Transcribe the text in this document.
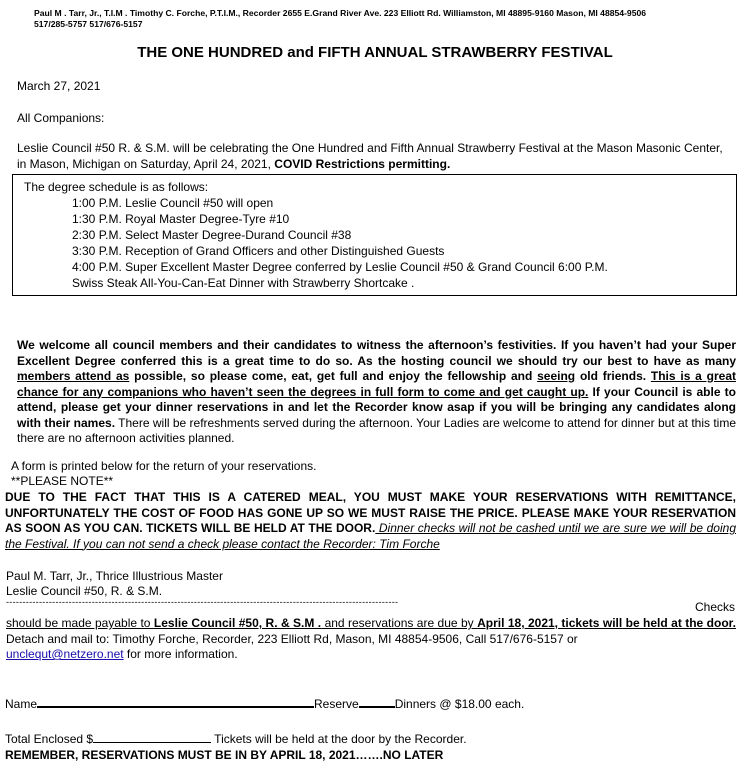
Paul M . Tarr, Jr., T.I.M . Timothy C. Forche, P.T.I.M., Recorder 2655 E.Grand River Ave. 223 Elliott Rd. Williamston, MI 48895-9160 Mason, MI 48854-9506
517/285-5757 517/676-5157
THE ONE HUNDRED and FIFTH ANNUAL STRAWBERRY FESTIVAL
March 27, 2021
All Companions:
Leslie Council #50 R. & S.M. will be celebrating the One Hundred and Fifth Annual Strawberry Festival at the Mason Masonic Center,
in Mason, Michigan on Saturday, April 24, 2021, COVID Restrictions permitting.
The degree schedule is as follows:
1:00 P.M. Leslie Council #50 will open
1:30 P.M. Royal Master Degree-Tyre #10
2:30 P.M. Select Master Degree-Durand Council #38
3:30 P.M. Reception of Grand Officers and other Distinguished Guests
4:00 P.M. Super Excellent Master Degree conferred by Leslie Council #50 & Grand Council 6:00 P.M.
Swiss Steak All-You-Can-Eat Dinner with Strawberry Shortcake .
We welcome all council members and their candidates to witness the afternoon’s festivities. If you haven’t had your Super
Excellent Degree conferred this is a great time to do so. As the hosting council we should try our best to have as many
members attend as possible, so please come, eat, get full and enjoy the fellowship and seeing old friends. This is a great
chance for any companions who haven’t seen the degrees in full form to come and get caught up. If your Council is able to
attend, please get your dinner reservations in and let the Recorder know asap if you will be bringing any candidates along
with their names. There will be refreshments served during the afternoon. Your Ladies are welcome to attend for dinner but at this time
there are no afternoon activities planned.
A form is printed below for the return of your reservations.
**PLEASE NOTE**
DUE TO THE FACT THAT THIS IS A CATERED MEAL, YOU MUST MAKE YOUR RESERVATIONS WITH REMITTANCE,
UNFORTUNATELY THE COST OF FOOD HAS GONE UP SO WE MUST RAISE THE PRICE. PLEASE MAKE YOUR RESERVATION
AS SOON AS YOU CAN. TICKETS WILL BE HELD AT THE DOOR. Dinner checks will not be cashed until we are sure we will be doing
the Festival. If you can not send a check please contact the Recorder: Tim Forche
Paul M. Tarr, Jr., Thrice Illustrious Master
Leslie Council #50, R. & S.M.
-----------------------------------------------------------------------------------------------------------------------	Checks
should be made payable to Leslie Council #50, R. & S.M . and reservations are due by April 18, 2021, tickets will be held at the door.
Detach and mail to: Timothy Forche, Recorder, 223 Elliott Rd, Mason, MI 48854-9506, Call 517/676-5157 or
unclequt@netzero.net for more information.
Name	Reserve	Dinners @ $18.00 each.
Total Enclosed $	Tickets will be held at the door by the Recorder.
REMEMBER, RESERVATIONS MUST BE IN BY APRIL 18, 2021…….NO LATER
